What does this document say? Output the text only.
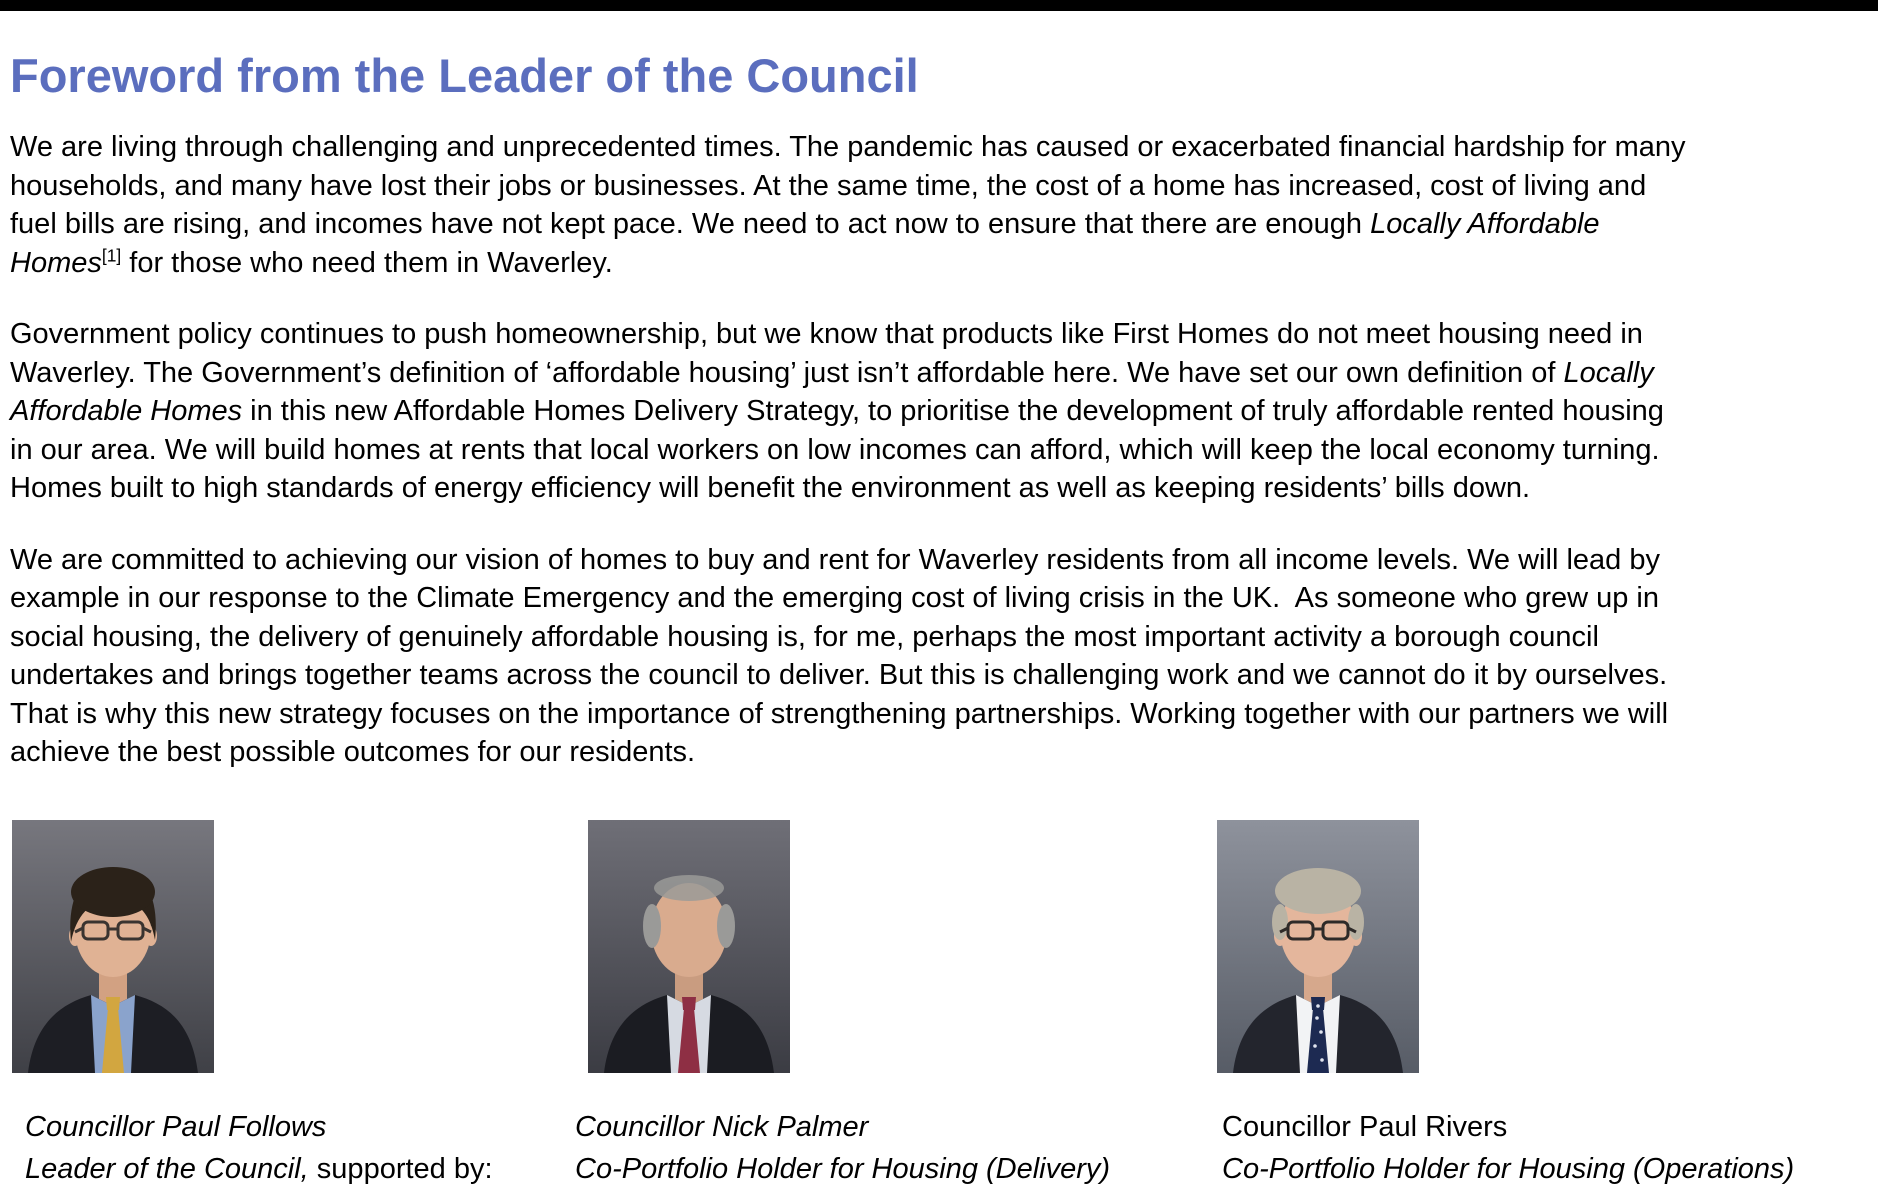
Foreword from the Leader of the Council
We are living through challenging and unprecedented times. The pandemic has caused or exacerbated financial hardship for many
households, and many have lost their jobs or businesses. At the same time, the cost of a home has increased, cost of living and
fuel bills are rising, and incomes have not kept pace. We need to act now to ensure that there are enough Locally Affordable
Homes[1] for those who need them in Waverley.
Government policy continues to push homeownership, but we know that products like First Homes do not meet housing need in
Waverley. The Government’s definition of ‘affordable housing’ just isn’t affordable here. We have set our own definition of Locally
Affordable Homes in this new Affordable Homes Delivery Strategy, to prioritise the development of truly affordable rented housing
in our area. We will build homes at rents that local workers on low incomes can afford, which will keep the local economy turning.
Homes built to high standards of energy efficiency will benefit the environment as well as keeping residents’ bills down.
We are committed to achieving our vision of homes to buy and rent for Waverley residents from all income levels. We will lead by
example in our response to the Climate Emergency and the emerging cost of living crisis in the UK.  As someone who grew up in
social housing, the delivery of genuinely affordable housing is, for me, perhaps the most important activity a borough council
undertakes and brings together teams across the council to deliver. But this is challenging work and we cannot do it by ourselves.
That is why this new strategy focuses on the importance of strengthening partnerships. Working together with our partners we will
achieve the best possible outcomes for our residents.
Councillor Paul Follows
Leader of the Council, supported by:
Councillor Nick Palmer
Co-Portfolio Holder for Housing (Delivery)
Councillor Paul Rivers
Co-Portfolio Holder for Housing (Operations)
